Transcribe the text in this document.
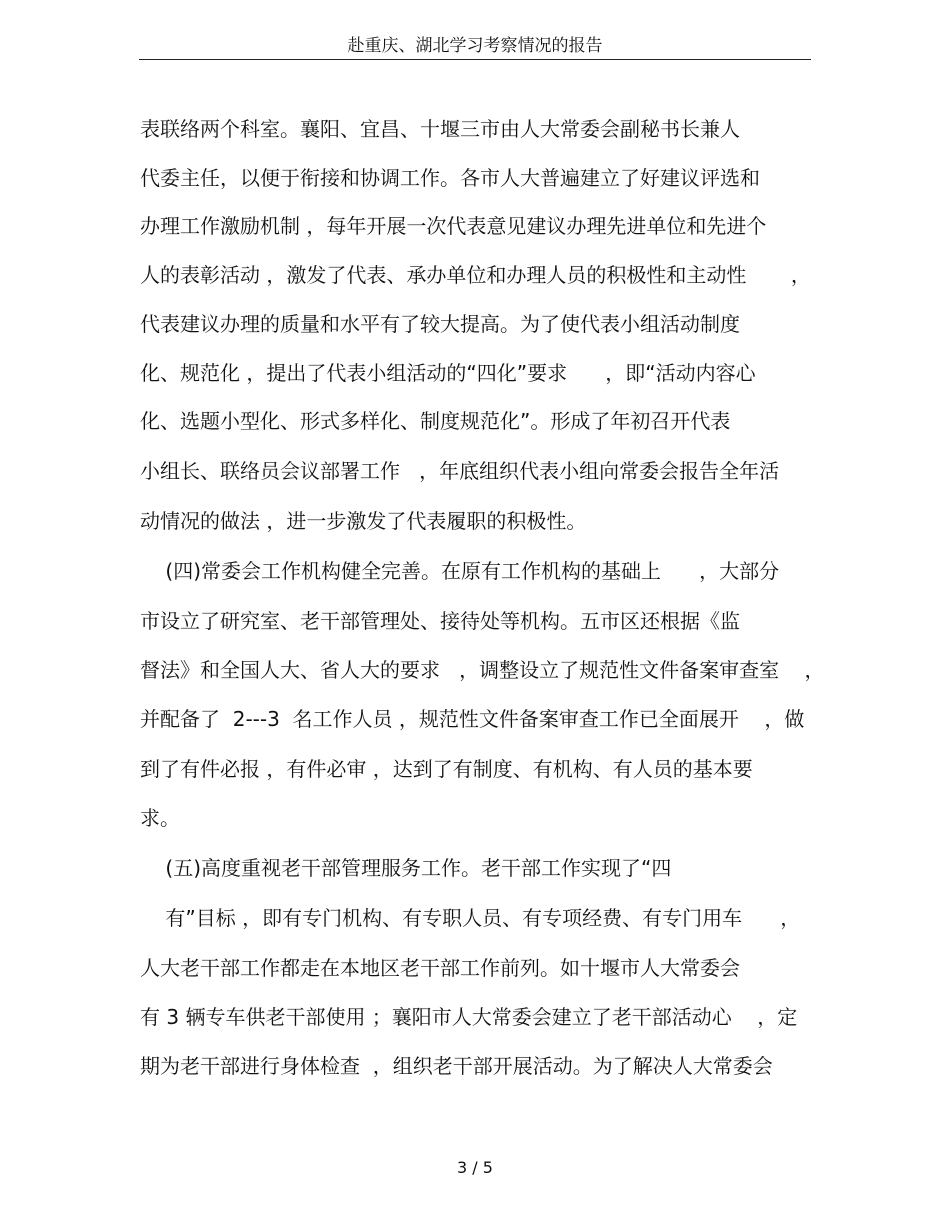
赴重庆、湖北学习考察情况的报告
表联络两个科室。襄阳、宜昌、十堰三市由人大常委会副秘书长兼人
代委主任，以便于衔接和协调工作。各市人大普遍建立了好建议评选和
办理工作激励机制 ，每年开展一次代表意见建议办理先进单位和先进个
人的表彰活动 ，激发了代表、承办单位和办理人员的积极性和主动性       ，
代表建议办理的质量和水平有了较大提高。为了使代表小组活动制度
化、规范化 ，提出了代表小组活动的“四化”要求      ，即“活动内容心
化、选题小型化、形式多样化、制度规范化”。形成了年初召开代表
小组长、联络员会议部署工作   ，年底组织代表小组向常委会报告全年活
动情况的做法 ，进一步激发了代表履职的积极性。
(四)常委会工作机构健全完善。在原有工作机构的基础上      ，大部分
市设立了研究室、老干部管理处、接待处等机构。五市区还根据《监
督法》和全国人大、省人大的要求   ，调整设立了规范性文件备案审查室    ，
并配备了  2---3  名工作人员 ，规范性文件备案审查工作已全面展开    ，做
到了有件必报 ，有件必审 ，达到了有制度、有机构、有人员的基本要
求。
(五)高度重视老干部管理服务工作。老干部工作实现了“四
有”目标 ，即有专门机构、有专职人员、有专项经费、有专门用车      ，
人大老干部工作都走在本地区老干部工作前列。如十堰市人大常委会
有 3 辆专车供老干部使用 ；襄阳市人大常委会建立了老干部活动心    ，定
期为老干部进行身体检查  ，组织老干部开展活动。为了解决人大常委会
3 / 5
